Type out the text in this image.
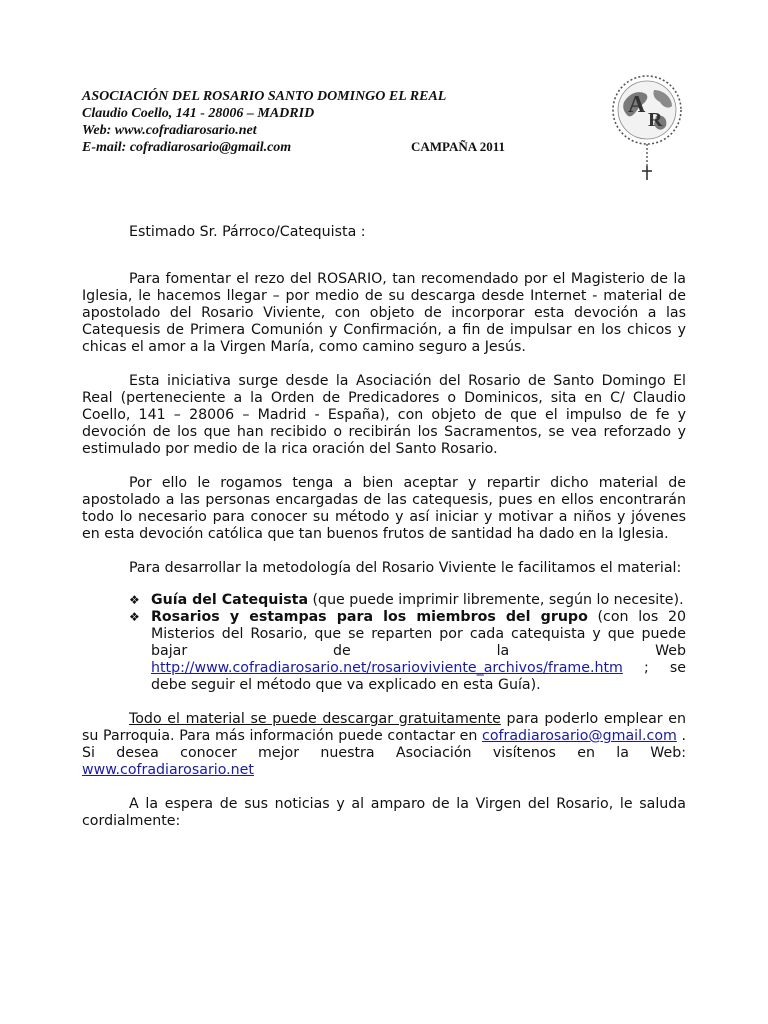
ASOCIACIÓN DEL ROSARIO SANTO DOMINGO EL REAL
Claudio Coello, 141 - 28006 – MADRID
Web: www.cofradiarosario.net
E-mail: cofradiarosario@gmail.com	CAMPAÑA 2011
A
R

Estimado Sr. Párroco/Catequista :

Para fomentar el rezo del ROSARIO, tan recomendado por el Magisterio de la Iglesia, le hacemos llegar – por medio de su descarga desde Internet - material de apostolado del Rosario Viviente, con objeto de incorporar esta devoción a las Catequesis de Primera Comunión y Confirmación, a fin de impulsar en los chicos y chicas el amor a la Virgen María, como camino seguro a Jesús.

Esta iniciativa surge desde la Asociación del Rosario de Santo Domingo El Real (perteneciente a la Orden de Predicadores o Dominicos, sita en C/ Claudio Coello, 141 – 28006 – Madrid - España), con objeto de que el impulso de fe y devoción de los que han recibido o recibirán los Sacramentos, se vea reforzado y estimulado por medio de la rica oración del Santo Rosario.

Por ello le rogamos tenga a bien aceptar y repartir dicho material de apostolado a las personas encargadas de las catequesis, pues en ellos encontrarán todo lo necesario para conocer su método y así iniciar y motivar a niños y jóvenes en esta devoción católica que tan buenos frutos de santidad ha dado en la Iglesia.

Para desarrollar la metodología del Rosario Viviente le facilitamos el material:

❖ Guía del Catequista (que puede imprimir libremente, según lo necesite).
❖ Rosarios y estampas para los miembros del grupo (con los 20 Misterios del Rosario, que se reparten por cada catequista y que puede bajar de la Web http://www.cofradiarosario.net/rosarioviviente_archivos/frame.htm ; se debe seguir el método que va explicado en esta Guía).

Todo el material se puede descargar gratuitamente para poderlo emplear en su Parroquia. Para más información puede contactar en cofradiarosario@gmail.com . Si desea conocer mejor nuestra Asociación visítenos en la Web: www.cofradiarosario.net

A la espera de sus noticias y al amparo de la Virgen del Rosario, le saluda cordialmente:
